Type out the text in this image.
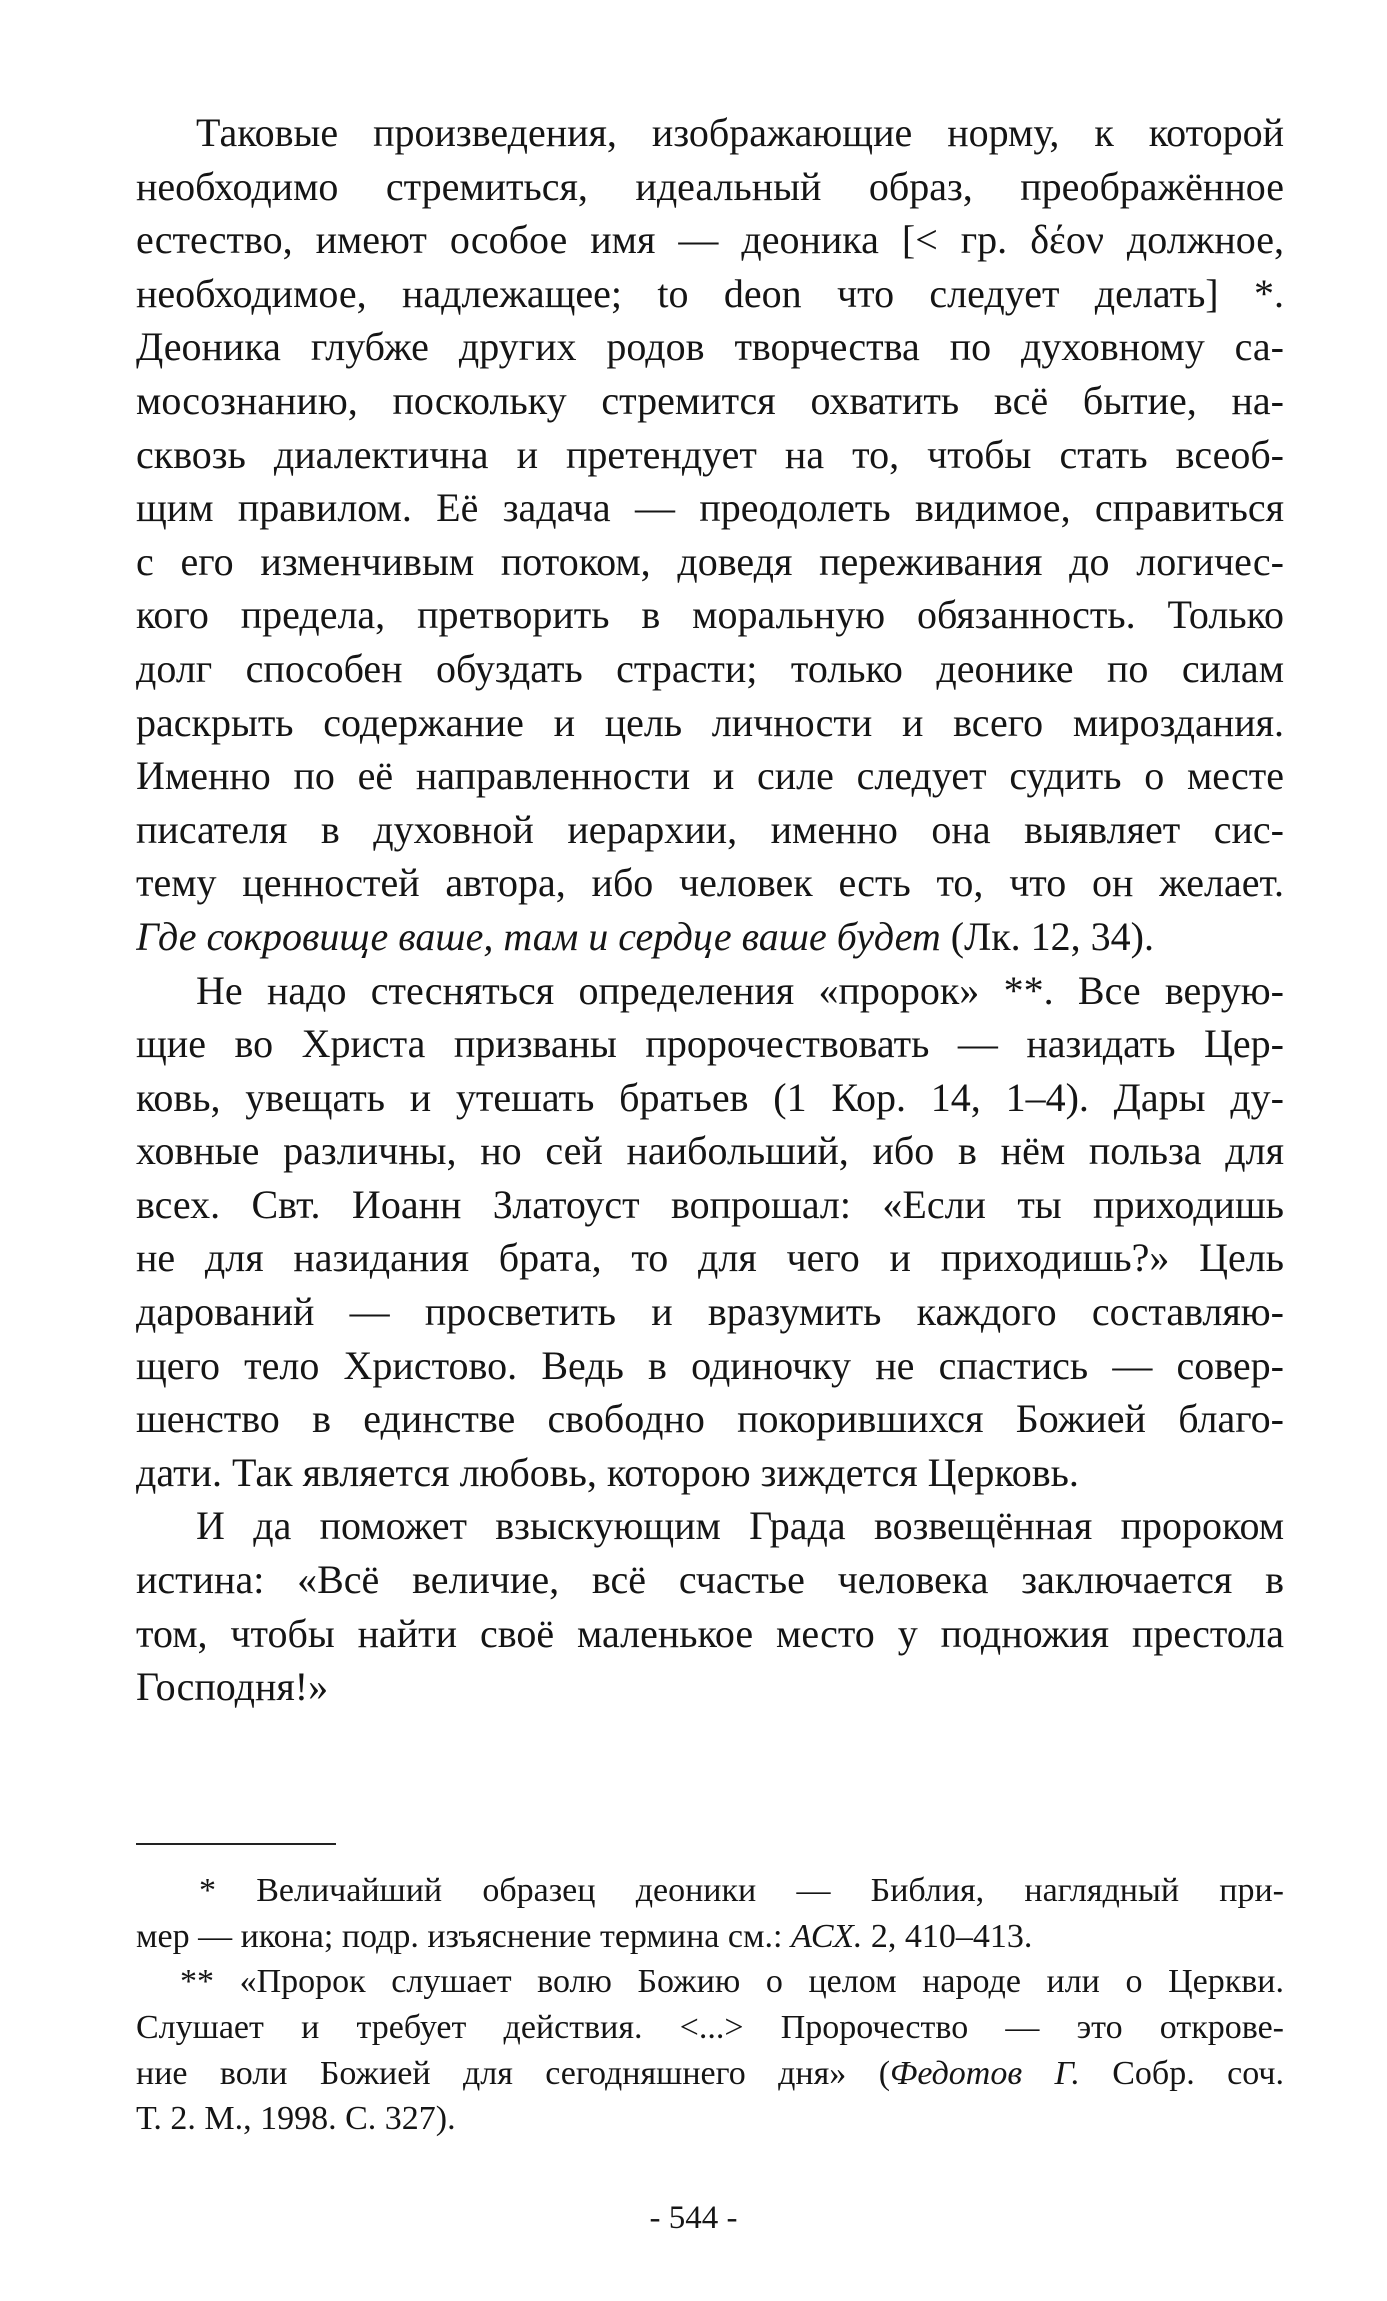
Таковые произведения, изображающие норму, к которой
необходимо стремиться, идеальный образ, преображённое
естество, имеют особое имя — деоника [< гр. δέον должное,
необходимое, надлежащее; to deon что следует делать] *.
Деоника глубже других родов творчества по духовному са-
мосознанию, поскольку стремится охватить всё бытие, на-
сквозь диалектична и претендует на то, чтобы стать всеоб-
щим правилом. Её задача — преодолеть видимое, справиться
с его изменчивым потоком, доведя переживания до логичес-
кого предела, претворить в моральную обязанность. Только
долг способен обуздать страсти; только деонике по силам
раскрыть содержание и цель личности и всего мироздания.
Именно по её направленности и силе следует судить о месте
писателя в духовной иерархии, именно она выявляет сис-
тему ценностей автора, ибо человек есть то, что он желает.
Где сокровище ваше, там и сердце ваше будет (Лк. 12, 34).
Не надо стесняться определения «пророк» **. Все верую-
щие во Христа призваны пророчествовать — назидать Цер-
ковь, увещать и утешать братьев (1 Кор. 14, 1–4). Дары ду-
ховные различны, но сей наибольший, ибо в нём польза для
всех. Свт. Иоанн Златоуст вопрошал: «Если ты приходишь
не для назидания брата, то для чего и приходишь?» Цель
дарований — просветить и вразумить каждого составляю-
щего тело Христово. Ведь в одиночку не спастись — совер-
шенство в единстве свободно покорившихся Божией благо-
дати. Так является любовь, которою зиждется Церковь.
И да поможет взыскующим Града возвещённая пророком
истина: «Всё величие, всё счастье человека заключается в
том, чтобы найти своё маленькое место у подножия престола
Господня!»
* Величайший образец деоники — Библия, наглядный при-
мер — икона; подр. изъяснение термина см.: АСХ. 2, 410–413.
** «Пророк слушает волю Божию о целом народе или о Церкви.
Слушает и требует действия. <...> Пророчество — это открове-
ние воли Божией для сегодняшнего дня» (Федотов Г. Собр. соч.
Т. 2. М., 1998. С. 327).
- 544 -
